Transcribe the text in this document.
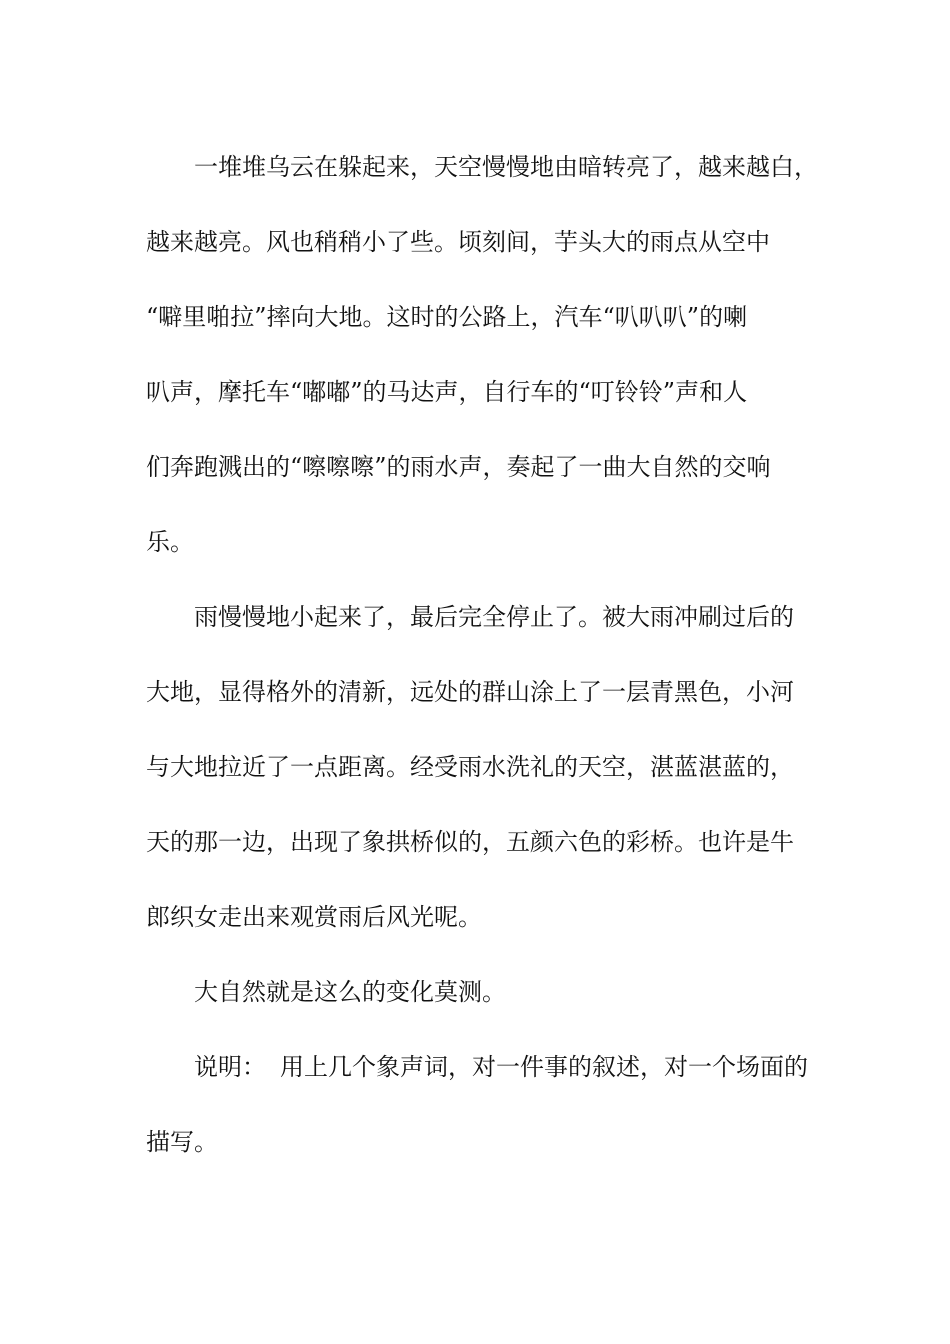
一堆堆乌云在躲起来，天空慢慢地由暗转亮了，越来越白，
越来越亮。风也稍稍小了些。顷刻间，芋头大的雨点从空中
“噼里啪拉”摔向大地。这时的公路上，汽车“叭叭叭”的喇
叭声，摩托车“嘟嘟”的马达声，自行车的“叮铃铃”声和人
们奔跑溅出的“嚓嚓嚓”的雨水声，奏起了一曲大自然的交响
乐。

雨慢慢地小起来了，最后完全停止了。被大雨冲刷过后的
大地，显得格外的清新，远处的群山涂上了一层青黑色，小河
与大地拉近了一点距离。经受雨水洗礼的天空，湛蓝湛蓝的，
天的那一边，出现了象拱桥似的，五颜六色的彩桥。也许是牛
郎织女走出来观赏雨后风光呢。

大自然就是这么的变化莫测。

说明： 用上几个象声词，对一件事的叙述，对一个场面的
描写。
